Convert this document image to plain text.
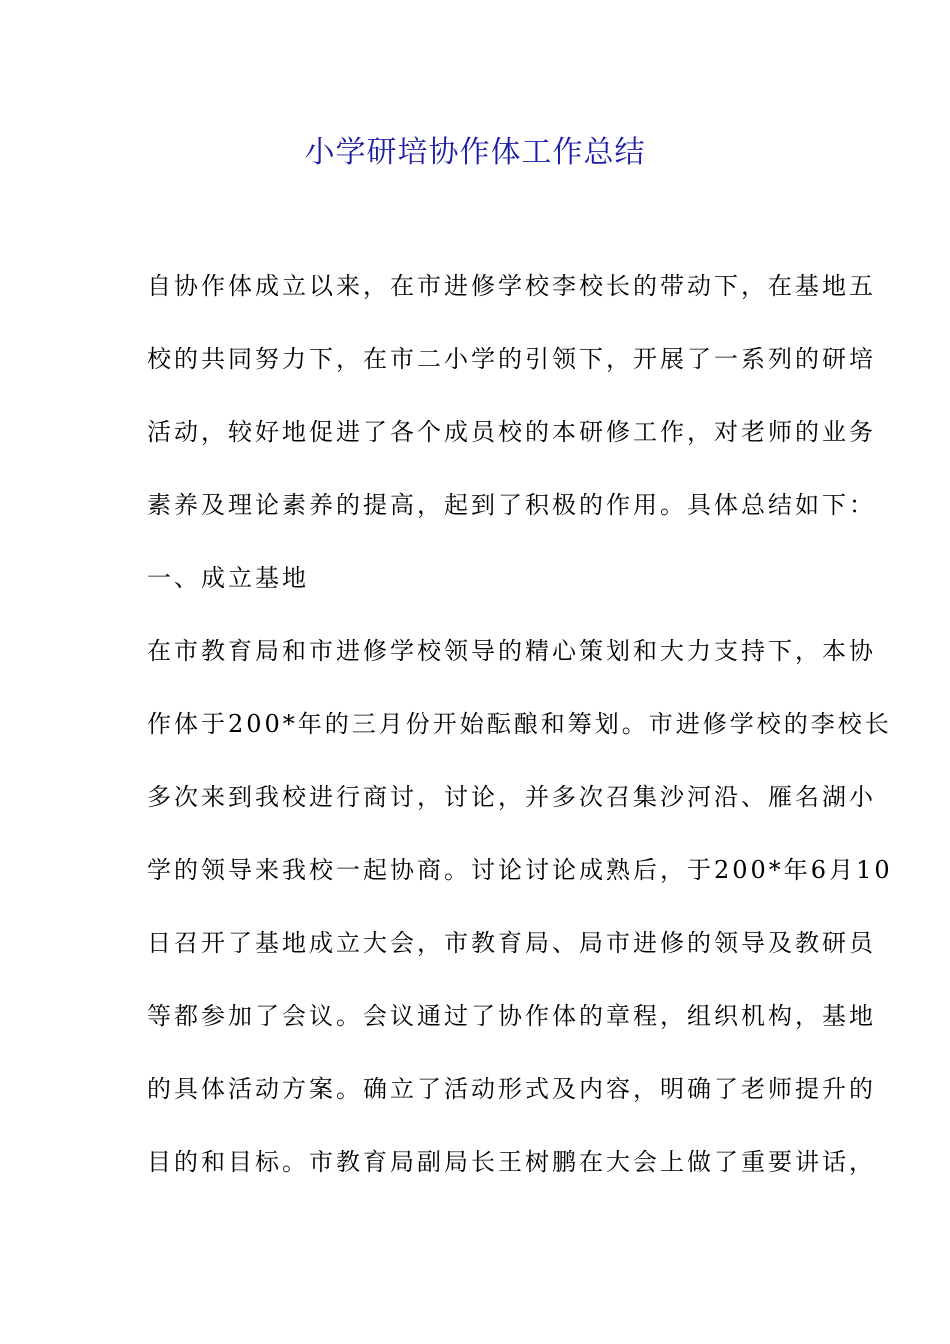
小学研培协作体工作总结
自协作体成立以来，在市进修学校李校长的带动下，在基地五
校的共同努力下，在市二小学的引领下，开展了一系列的研培
活动，较好地促进了各个成员校的本研修工作，对老师的业务
素养及理论素养的提高，起到了积极的作用。具体总结如下：
一、成立基地
在市教育局和市进修学校领导的精心策划和大力支持下，本协
作体于200*年的三月份开始酝酿和筹划。市进修学校的李校长
多次来到我校进行商讨，讨论，并多次召集沙河沿、雁名湖小
学的领导来我校一起协商。讨论讨论成熟后，于200*年6月10
日召开了基地成立大会，市教育局、局市进修的领导及教研员
等都参加了会议。会议通过了协作体的章程，组织机构，基地
的具体活动方案。确立了活动形式及内容，明确了老师提升的
目的和目标。市教育局副局长王树鹏在大会上做了重要讲话，
